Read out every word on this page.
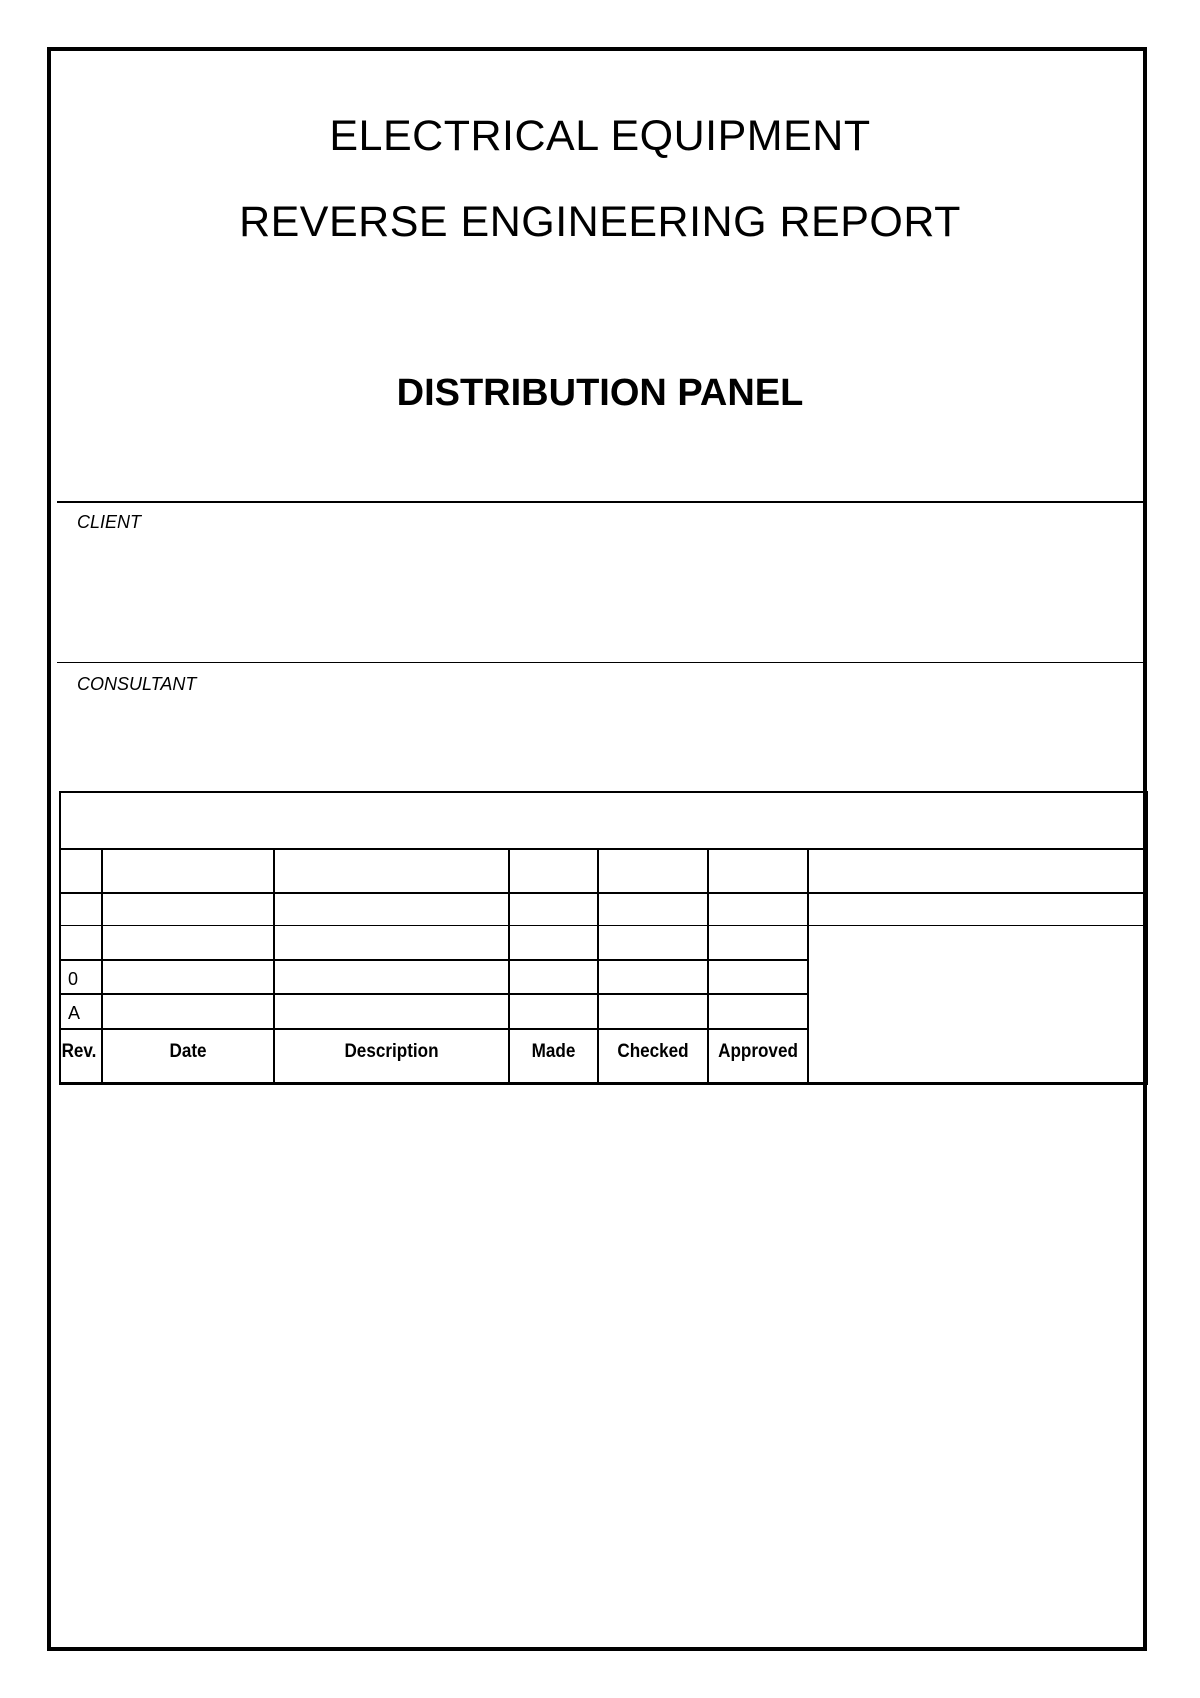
ELECTRICAL EQUIPMENT
REVERSE ENGINEERING REPORT
DISTRIBUTION PANEL
CLIENT
CONSULTANT
0
A
Rev.	Date	Description	Made	Checked	Approved
